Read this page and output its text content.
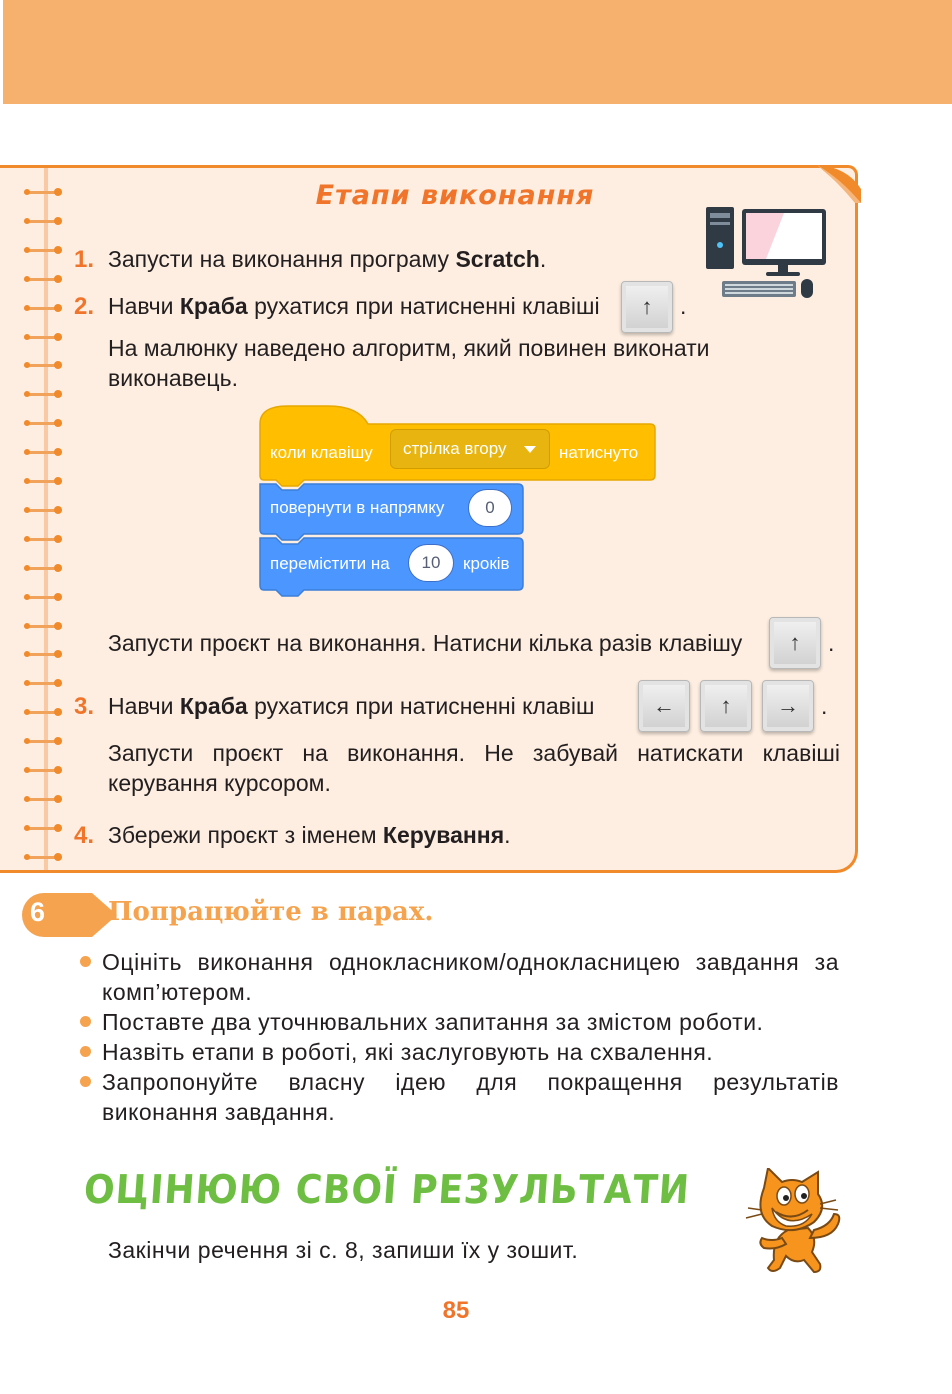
Етапи виконання
1. Запусти на виконання програму Scratch.
2. Навчи Краба рухатися при натисненні клавіші	↑	.
На малюнку наведено алгоритм, який повинен виконати виконавець.
коли клавішу стрілка вгору	натиснуто
повернути в напрямку	0
перемістити на	10	кроків
Запусти проєкт на виконання. Натисни кілька разів клавішу	↑	.
3. Навчи Краба рухатися при натисненні клавіш	←	↑	→ .
Запусти проєкт на виконання. Не забувай натискати клавіші керування курсором.
4. Збережи проєкт з іменем Керування.
6 Попрацюйте в парах.
Оцініть виконання однокласником/однокласницею завдання за комп’ютером.
Поставте два уточнювальних запитання за змістом роботи.
Назвіть етапи в роботі, які заслуговують на схвалення.
Запропонуйте власну ідею для покращення результатів виконання завдання.
ОЦІНЮЮ СВОЇ РЕЗУЛЬТАТИ
Закінчи речення зі с. 8, запиши їх у зошит.
85
